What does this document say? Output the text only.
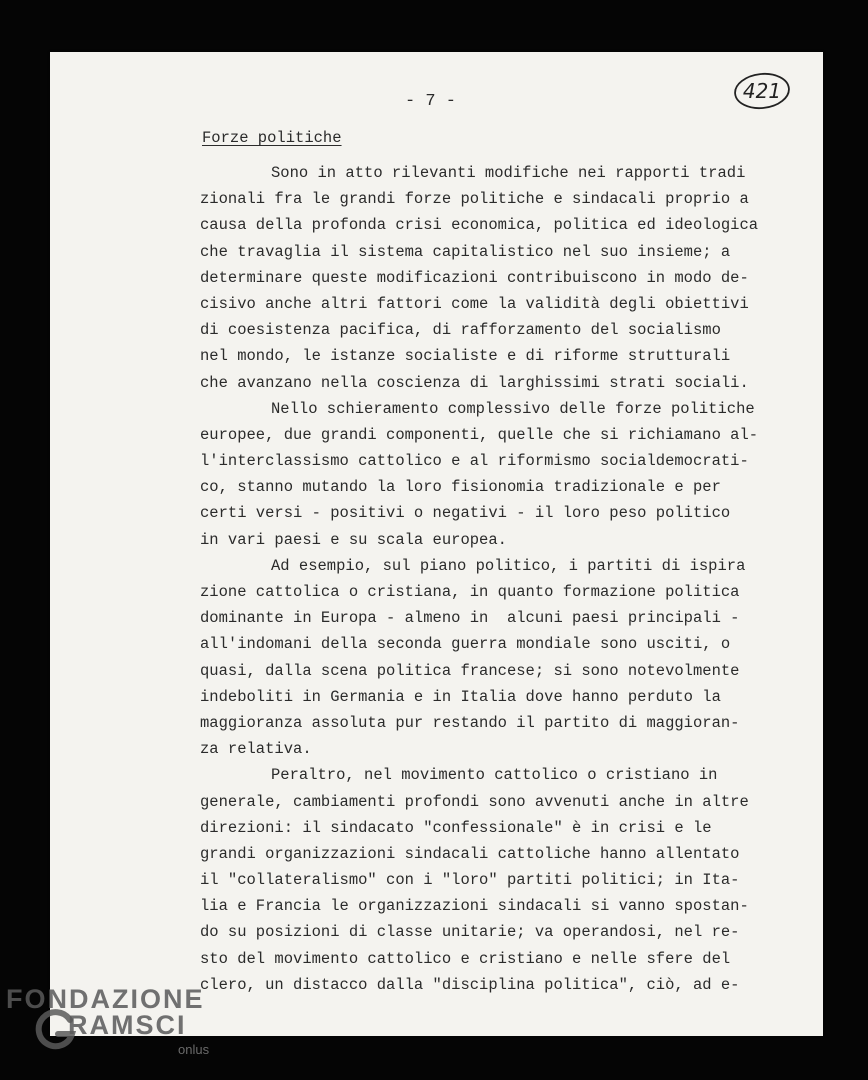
- 7 -	421
Forze politiche
Sono in atto rilevanti modifiche nei rapporti tradi
zionali fra le grandi forze politiche e sindacali proprio a
causa della profonda crisi economica, politica ed ideologica
che travaglia il sistema capitalistico nel suo insieme; a
determinare queste modificazioni contribuiscono in modo de-
cisivo anche altri fattori come la validità degli obiettivi
di coesistenza pacifica, di rafforzamento del socialismo
nel mondo, le istanze socialiste e di riforme strutturali
che avanzano nella coscienza di larghissimi strati sociali.
Nello schieramento complessivo delle forze politiche
europee, due grandi componenti, quelle che si richiamano al-
l'interclassismo cattolico e al riformismo socialdemocrati-
co, stanno mutando la loro fisionomia tradizionale e per
certi versi - positivi o negativi - il loro peso politico
in vari paesi e su scala europea.
Ad esempio, sul piano politico, i partiti di ispira
zione cattolica o cristiana, in quanto formazione politica
dominante in Europa - almeno in  alcuni paesi principali -
all'indomani della seconda guerra mondiale sono usciti, o
quasi, dalla scena politica francese; si sono notevolmente
indeboliti in Germania e in Italia dove hanno perduto la
maggioranza assoluta pur restando il partito di maggioran-
za relativa.
Peraltro, nel movimento cattolico o cristiano in
generale, cambiamenti profondi sono avvenuti anche in altre
direzioni: il sindacato "confessionale" è in crisi e le
grandi organizzazioni sindacali cattoliche hanno allentato
il "collateralismo" con i "loro" partiti politici; in Ita-
lia e Francia le organizzazioni sindacali si vanno spostan-
do su posizioni di classe unitarie; va operandosi, nel re-
sto del movimento cattolico e cristiano e nelle sfere del
clero, un distacco dalla "disciplina politica", ciò, ad e-
FONDAZIONE
RAMSCI
onlus
